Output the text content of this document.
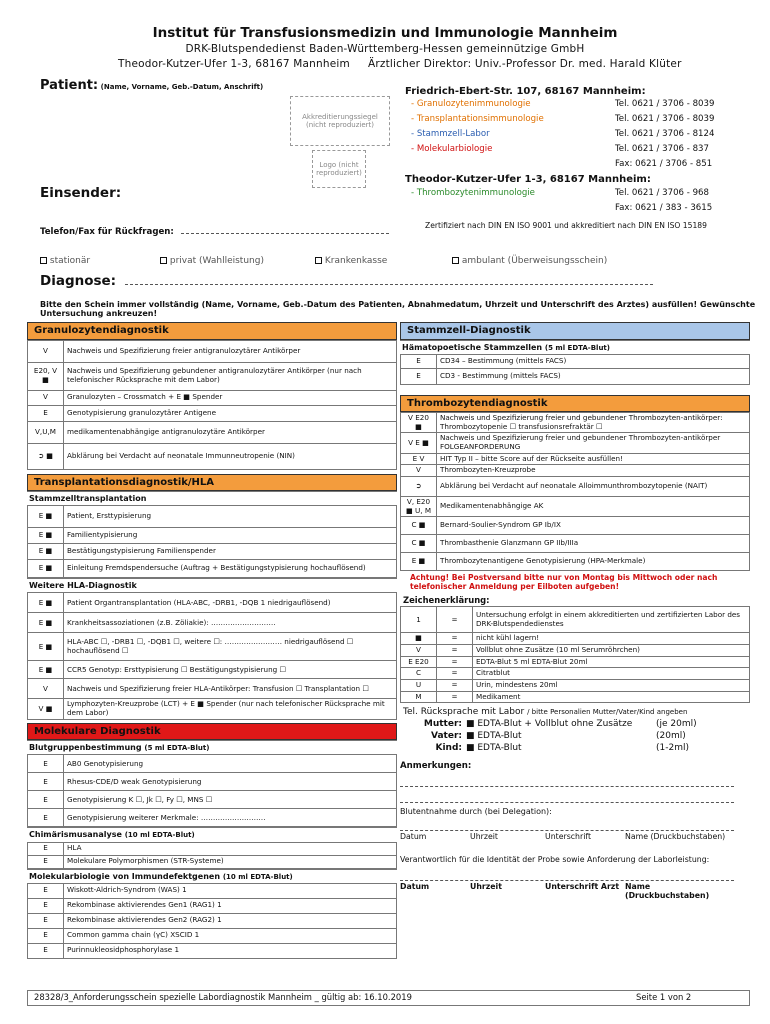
Institut für Transfusionsmedizin und Immunologie Mannheim
DRK-Blutspendedienst Baden-Württemberg-Hessen gemeinnützige GmbH
Theodor-Kutzer-Ufer 1-3, 68167 Mannheim Ärztlicher Direktor: Univ.-Professor Dr. med. Harald Klüter
Patient: (Name, Vorname, Geb.-Datum, Anschrift)
Akkreditierungssiegel (nicht reproduziert)
Logo (nicht reproduziert)
Friedrich-Ebert-Str. 107, 68167 Mannheim:
- Granulozytenimmunologie	Tel. 0621 / 3706 - 8039
- Transplantationsimmunologie	Tel. 0621 / 3706 - 8039
- Stammzell-Labor	Tel. 0621 / 3706 - 8124
- Molekularbiologie	Tel. 0621 / 3706 - 837
Fax: 0621 / 3706 - 851
Theodor-Kutzer-Ufer 1-3, 68167 Mannheim:
- Thrombozytenimmunologie	Tel. 0621 / 3706 - 968
Fax: 0621 / 383 - 3615
Zertifiziert nach DIN EN ISO 9001 und akkreditiert nach DIN EN ISO 15189
Einsender:
Telefon/Fax für Rückfragen:
stationär	privat (Wahlleistung)	Krankenkasse	ambulant (Überweisungsschein)
Diagnose:
Bitte den Schein immer vollständig (Name, Vorname, Geb.-Datum des Patienten, Abnahmedatum, Uhrzeit und Unterschrift des Arztes) ausfüllen! Gewünschte Untersuchung ankreuzen!
Granulozytendiagnostik
V	Nachweis und Spezifizierung freier antigranulozytärer Antikörper
E20, V ■	Nachweis und Spezifizierung gebundener antigranulozytärer Antikörper (nur nach telefonischer Rücksprache mit dem Labor)
V	Granulozyten – Crossmatch + E ■ Spender
E	Genotypisierung granulozytärer Antigene
V,U,M	medikamentenabhängige antigranulozytäre Antikörper
➲ ■	Abklärung bei Verdacht auf neonatale Immunneutropenie (NIN)
Transplantationsdiagnostik/HLA
Stammzelltransplantation
E ■	Patient, Ersttypisierung
E ■	Familientypisierung
E ■	Bestätigungstypisierung Familienspender
E ■	Einleitung Fremdspendersuche (Auftrag + Bestätigungstypisierung hochauflösend)
Weitere HLA-Diagnostik
E ■	Patient Organtransplantation (HLA-ABC, -DRB1, -DQB 1 niedrigauflösend)
E ■	Krankheitsassoziationen (z.B. Zöliakie): ………………………
E ■	HLA-ABC ☐, -DRB1 ☐, -DQB1 ☐, weitere ☐: …………………… niedrigauflösend ☐ hochauflösend ☐
E ■	CCR5 Genotyp: Ersttypisierung ☐ Bestätigungstypisierung ☐
V	Nachweis und Spezifizierung freier HLA-Antikörper: Transfusion ☐ Transplantation ☐
V ■	Lymphozyten-Kreuzprobe (LCT) + E ■ Spender (nur nach telefonischer Rücksprache mit dem Labor)
Molekulare Diagnostik
Blutgruppenbestimmung (5 ml EDTA-Blut)
E	AB0 Genotypisierung
E	Rhesus-CDE/D weak Genotypisierung
E	Genotypisierung K ☐, Jk ☐, Fy ☐, MNS ☐
E	Genotypisierung weiterer Merkmale: ………………………
Chimärismusanalyse (10 ml EDTA-Blut)
E	HLA
E	Molekulare Polymorphismen (STR-Systeme)
Molekularbiologie von Immundefektgenen (10 ml EDTA-Blut)
E	Wiskott-Aldrich-Syndrom (WAS) 1
E	Rekombinase aktivierendes Gen1 (RAG1) 1
E	Rekombinase aktivierendes Gen2 (RAG2) 1
E	Common gamma chain (γC) XSCID 1
E	Purinnukleosidphosphorylase 1
Stammzell-Diagnostik
Hämatopoetische Stammzellen (5 ml EDTA-Blut)
E	CD34 – Bestimmung (mittels FACS)
E	CD3 - Bestimmung (mittels FACS)
Thrombozytendiagnostik
V E20 ■	Nachweis und Spezifizierung freier und gebundener Thrombozyten-antikörper: Thrombozytopenie ☐ transfusionsrefraktär ☐
V E ■	Nachweis und Spezifizierung freier und gebundener Thrombozyten-antikörper FOLGEANFORDERUNG
E V	HIT Typ II – bitte Score auf der Rückseite ausfüllen!
V	Thrombozyten-Kreuzprobe
➲	Abklärung bei Verdacht auf neonatale Alloimmunthrombozytopenie (NAIT)
V, E20 ■ U, M	Medikamentenabhängige AK
C ■	Bernard-Soulier-Syndrom GP Ib/IX
C ■	Thrombasthenie Glanzmann GP IIb/IIIa
E ■	Thrombozytenantigene Genotypisierung (HPA-Merkmale)
Achtung! Bei Postversand bitte nur von Montag bis Mittwoch oder nach telefonischer Anmeldung per Eilboten aufgeben!
Zeichenerklärung:
1	=	Untersuchung erfolgt in einem akkreditierten und zertifizierten Labor des DRK-Blutspendedienstes
■	=	nicht kühl lagern!
V	=	Vollblut ohne Zusätze (10 ml Serumröhrchen)
E E20	=	EDTA-Blut 5 ml EDTA-Blut 20ml
C	=	Citratblut
U	=	Urin, mindestens 20ml
M	=	Medikament
Tel. Rücksprache mit Labor / bitte Personalien Mutter/Vater/Kind angeben
Mutter: ■ EDTA-Blut + Vollblut ohne Zusätze	(je 20ml)
Vater: ■ EDTA-Blut	(20ml)
Kind: ■ EDTA-Blut	(1-2ml)
Anmerkungen:
Blutentnahme durch (bei Delegation):
Datum	Uhrzeit	Unterschrift	Name (Druckbuchstaben)
Verantwortlich für die Identität der Probe sowie Anforderung der Laborleistung:
Datum	Uhrzeit	Unterschrift Arzt Name (Druckbuchstaben)
28328/3_Anforderungsschein spezielle Labordiagnostik Mannheim _ gültig ab: 16.10.2019	Seite 1 von 2
